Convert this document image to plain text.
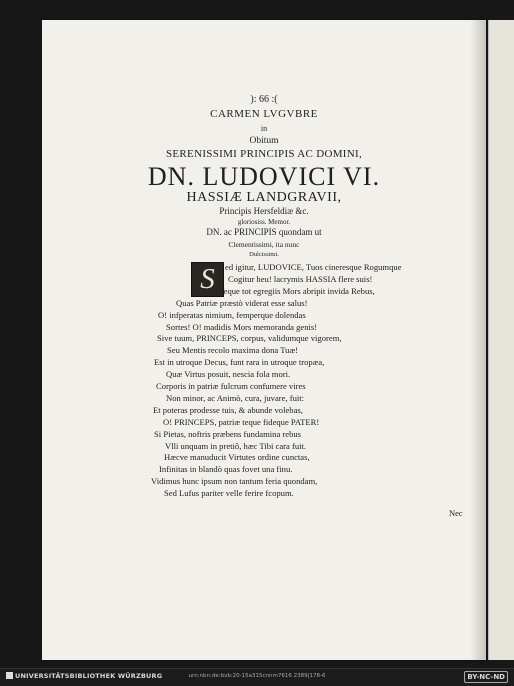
): 66 :(
CARMEN LVGVBRE
in
Obitum
SERENISSIMI PRINCIPIS AC DOMINI,
DN. LUDOVICI VI.
HASSIÆ LANDGRAVII,
Principis Hersfeldiæ &c.
gloriosiss. Memor.
DN. ac PRINCIPIS quondam ut
Clementissimi, ita nunc
Dulcissimi.
S	ed igitur, LUDOVICE, Tuos cineresque Rogumque
Cogitur heu! lacrymis HASSIA flere suis!
Teque tot egregiis Mors abripit invida Rebus,
Quas Patriæ præstò viderat esse salus!
O! infperatas nimium, femperque dolendas
Sortes! O! madidis Mors memoranda genis!
Sive tuum, PRINCEPS, corpus, validumque vigorem,
Seu Mentis recolo maxima dona Tuæ!
Est in utroque Decus, funt rara in utroque tropæa,
Quæ Virtus posuit, nescia fola mori.
Corporis in patriæ fulcrum confumere vires
Non minor, ac Animò, cura, juvare, fuit:
Et poteras prodesse tuis, & abunde volebas,
O! PRINCEPS, patriæ teque fideque PATER!
Si Pietas, noftris præbens fundamina rebus
Vlli unquam in pretiô, hæc Tibi cara fuit.
Hæcve manuducit Virtutes ordine cunctas,
Infinitas in blandò quas fovet una finu.
Vidimus hunc ipsum non tantum feria quondam,
Sed Lufus pariter velle ferire fcopum.
Nec
UNIVERSITÄTSBIBLIOTHEK WÜRZBURG	urn:nbn:de:bvb:20-15a315cnnm7616 2389|178-6	BY-NC-ND
